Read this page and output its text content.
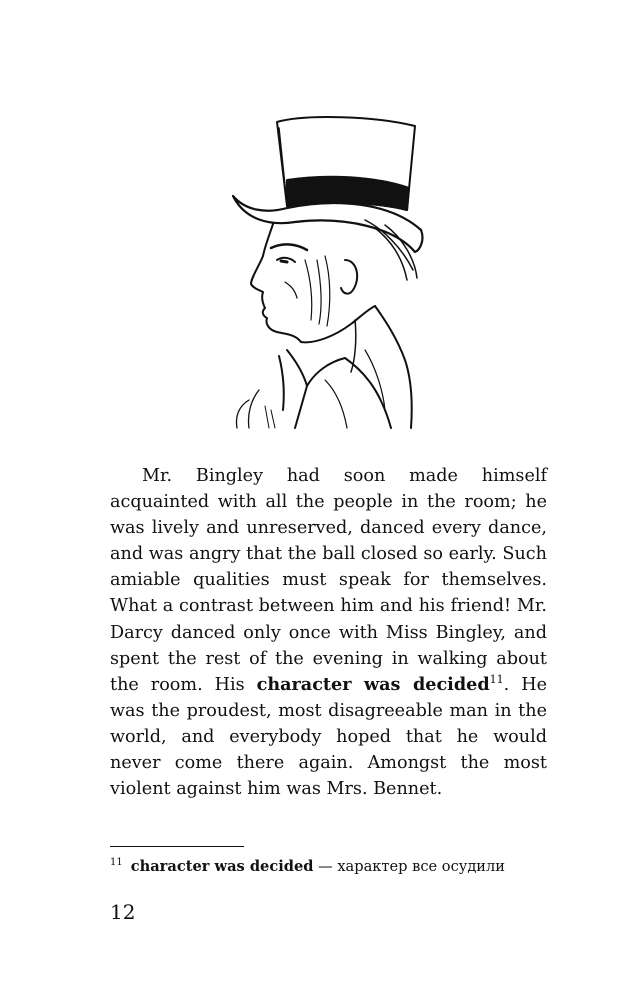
Mr. Bingley had soon made himself acquainted with all the people in the room; he was lively and unreserved, danced every dance, and was angry that the ball closed so early. Such amiable qualities must speak for themselves. What a contrast between him and his friend! Mr. Darcy danced only once with Miss Bingley, and spent the rest of the evening in walking about the room. His character was decided$^{11}$. He was the proudest, most disagreeable man in the world, and everybody hoped that he would never come there again. Amongst the most violent against him was Mrs. Bennet.

$^{11}$ character was decided — характер все осудили
12
